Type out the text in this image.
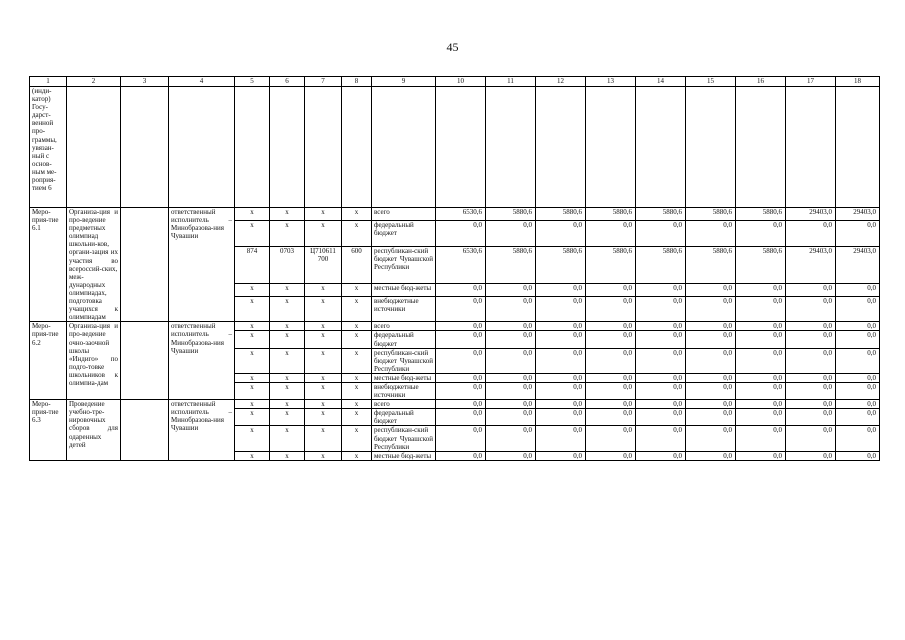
45
1	2	3	4	5	6	7	8	9	10	11	12	13	14	15	16	17	18
(инди-катор) Госу-дарст-венной про-граммы, увязан-ный с основ-ным ме-роприя-тием 6																	
Меро-прия-тие 6.1	Организа-ция и про-ведение предметных олимпиад школьни-ков, органи-зация их участия во всероссий-ских, меж-дународных олимпиадах, подготовка учащихся к олимпиадам		ответственный исполнитель – Минобразова-ния Чувашии	x	x	x	x	всего	6530,6	5880,6	5880,6	5880,6	5880,6	5880,6	5880,6	29403,0	29403,0
				x	x	x	x	федеральный бюджет	0,0	0,0	0,0	0,0	0,0	0,0	0,0	0,0	0,0
				874	0703	Ц710611 700	600	республикан-ский бюджет Чувашской Республики	6530,6	5880,6	5880,6	5880,6	5880,6	5880,6	5880,6	29403,0	29403,0
				x	x	x	x	местные бюд-жеты	0,0	0,0	0,0	0,0	0,0	0,0	0,0	0,0	0,0
				x	x	x	x	внебюджетные источники	0,0	0,0	0,0	0,0	0,0	0,0	0,0	0,0	0,0
Меро-прия-тие 6.2	Организа-ция и про-ведение очно-заочной школы «Индиго» по подго-товке школьников к олимпиа-дам		ответственный исполнитель – Минобразова-ния Чувашии	x	x	x	x	всего	0,0	0,0	0,0	0,0	0,0	0,0	0,0	0,0	0,0
				x	x	x	x	федеральный бюджет	0,0	0,0	0,0	0,0	0,0	0,0	0,0	0,0	0,0
				x	x	x	x	республикан-ский бюджет Чувашской Республики	0,0	0,0	0,0	0,0	0,0	0,0	0,0	0,0	0,0
				x	x	x	x	местные бюд-жеты	0,0	0,0	0,0	0,0	0,0	0,0	0,0	0,0	0,0
				x	x	x	x	внебюджетные источники	0,0	0,0	0,0	0,0	0,0	0,0	0,0	0,0	0,0
Меро-прия-тие 6.3	Проведение учебно-тре-нировочных сборов для одаренных детей		ответственный исполнитель – Минобразова-ния Чувашии	x	x	x	x	всего	0,0	0,0	0,0	0,0	0,0	0,0	0,0	0,0	0,0
				x	x	x	x	федеральный бюджет	0,0	0,0	0,0	0,0	0,0	0,0	0,0	0,0	0,0
				x	x	x	x	республикан-ский бюджет Чувашской Республики	0,0	0,0	0,0	0,0	0,0	0,0	0,0	0,0	0,0
				x	x	x	x	местные бюд-жеты	0,0	0,0	0,0	0,0	0,0	0,0	0,0	0,0	0,0
